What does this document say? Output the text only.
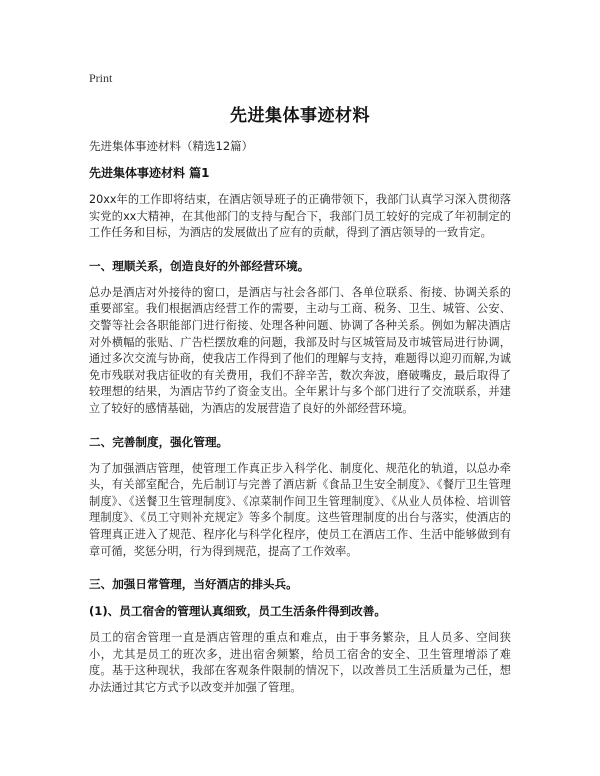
Print
先进集体事迹材料
先进集体事迹材料（精选12篇）
先进集体事迹材料 篇1

20xx年的工作即将结束，在酒店领导班子的正确带领下，我部门认真学习深入贯彻落实党的xx大精神，在其他部门的支持与配合下，我部门员工较好的完成了年初制定的工作任务和目标，为酒店的发展做出了应有的贡献，得到了酒店领导的一致肯定。

一、理顺关系，创造良好的外部经营环境。

总办是酒店对外接待的窗口，是酒店与社会各部门、各单位联系、衔接、协调关系的重要部室。我们根据酒店经营工作的需要，主动与工商、税务、卫生、城管、公安、交警等社会各职能部门进行衔接、处理各种问题、协调了各种关系。例如为解决酒店对外横幅的张贴、广告栏摆放难的问题，我部及时与区城管局及市城管局进行协调，通过多次交流与协商，使我店工作得到了他们的理解与支持，难题得以迎刃而解,为诚免市残联对我店征收的有关费用，我们不辞辛苦，数次奔波，磨破嘴皮，最后取得了较理想的结果，为酒店节约了资金支出。全年累计与多个部门进行了交流联系，并建立了较好的感情基础，为酒店的发展营造了良好的外部经营环境。

二、完善制度，强化管理。

为了加强酒店管理，使管理工作真正步入科学化、制度化、规范化的轨道，以总办牵头，有关部室配合，先后制订与完善了酒店新《食品卫生安全制度》、《餐厅卫生管理制度》、《送餐卫生管理制度》、《凉菜制作间卫生管理制度》、《从业人员体检、培训管理制度》、《员工守则补充规定》等多个制度。这些管理制度的出台与落实，使酒店的管理真正进入了规范、程序化与科学化程序，使员工在酒店工作、生活中能够做到有章可循，奖惩分明，行为得到规范，提高了工作效率。

三、加强日常管理，当好酒店的排头兵。
(1)、员工宿舍的管理认真细致，员工生活条件得到改善。

员工的宿舍管理一直是酒店管理的重点和难点，由于事务繁杂，且人员多、空间狭小，尤其是员工的班次多，进出宿舍频繁，给员工宿舍的安全、卫生管理增添了难度。基于这种现状，我部在客观条件限制的情况下，以改善员工生活质量为己任，想办法通过其它方式予以改变并加强了管理。
